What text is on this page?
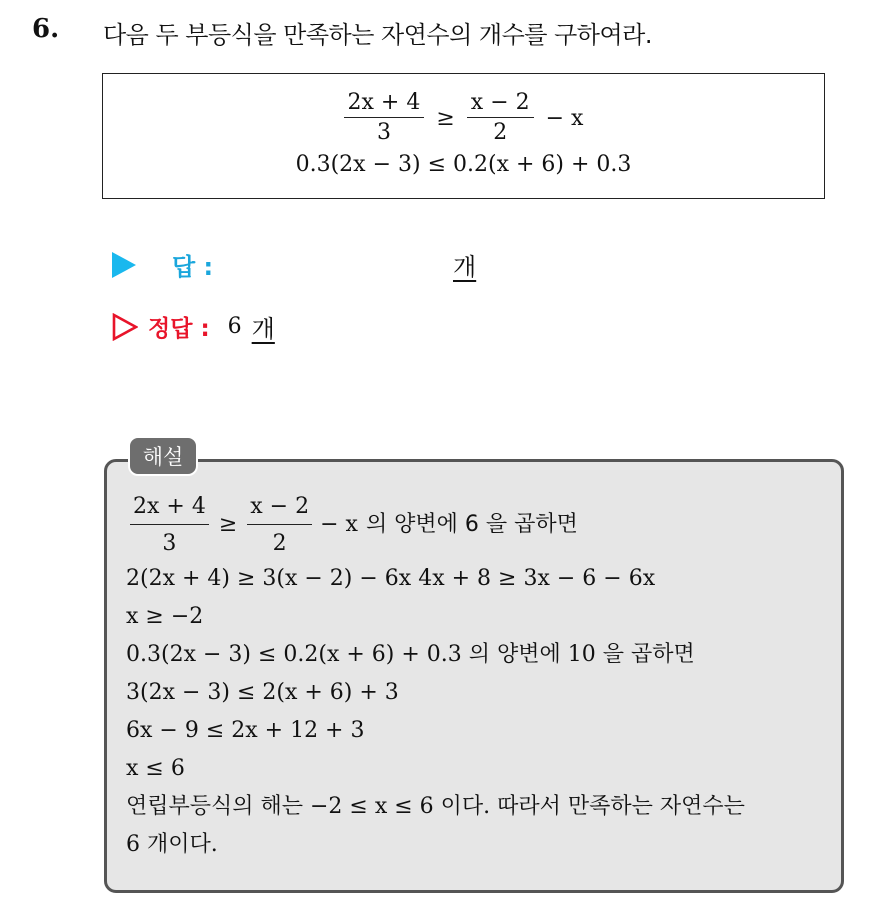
6. 다음 두 부등식을 만족하는 자연수의 개수를 구하여라.
$\frac{2x + 4}{3} \ge \frac{x - 2}{2} - x$
0.3(2x − 3) ≤ 0.2(x + 6) + 0.3
답 :	개
정답 : 6 개
해설
$\frac{2x + 4}{3} \ge \frac{x - 2}{2} - x$ 의 양변에 6 을 곱하면
2(2x + 4) ≥ 3(x − 2) − 6x 4x + 8 ≥ 3x − 6 − 6x
x ≥ −2
0.3(2x − 3) ≤ 0.2(x + 6) + 0.3 의 양변에 10 을 곱하면
3(2x − 3) ≤ 2(x + 6) + 3
6x − 9 ≤ 2x + 12 + 3
x ≤ 6
연립부등식의 해는 −2 ≤ x ≤ 6 이다. 따라서 만족하는 자연수는
6 개이다.
